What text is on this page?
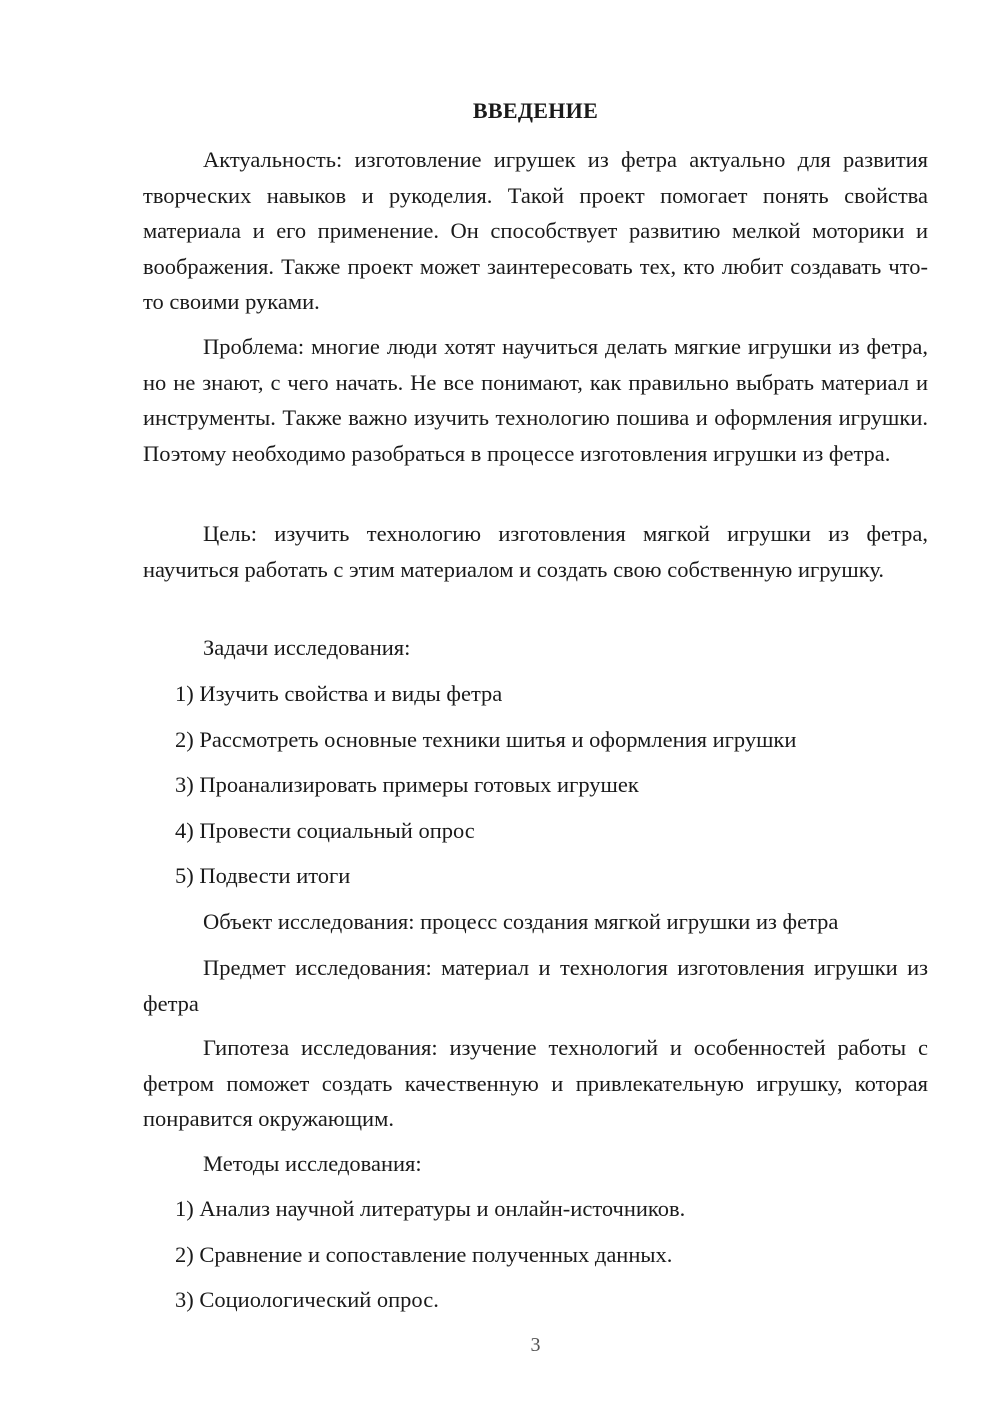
ВВЕДЕНИЕ

Актуальность: изготовление игрушек из фетра актуально для развития творческих навыков и рукоделия. Такой проект помогает понять свойства материала и его применение. Он способствует развитию мелкой моторики и воображения. Также проект может заинтересовать тех, кто любит создавать что-то своими руками.

Проблема: многие люди хотят научиться делать мягкие игрушки из фетра, но не знают, с чего начать. Не все понимают, как правильно выбрать материал и инструменты. Также важно изучить технологию пошива и оформления игрушки. Поэтому необходимо разобраться в процессе изготовления игрушки из фетра.

Цель: изучить технологию изготовления мягкой игрушки из фетра, научиться работать с этим материалом и создать свою собственную игрушку.

Задачи исследования:
1) Изучить свойства и виды фетра
2) Рассмотреть основные техники шитья и оформления игрушки
3) Проанализировать примеры готовых игрушек
4) Провести социальный опрос
5) Подвести итоги

Объект исследования: процесс создания мягкой игрушки из фетра

Предмет исследования: материал и технология изготовления игрушки из фетра

Гипотеза исследования: изучение технологий и особенностей работы с фетром поможет создать качественную и привлекательную игрушку, которая понравится окружающим.

Методы исследования:
1) Анализ научной литературы и онлайн-источников.
2) Сравнение и сопоставление полученных данных.
3) Социологический опрос.
3
